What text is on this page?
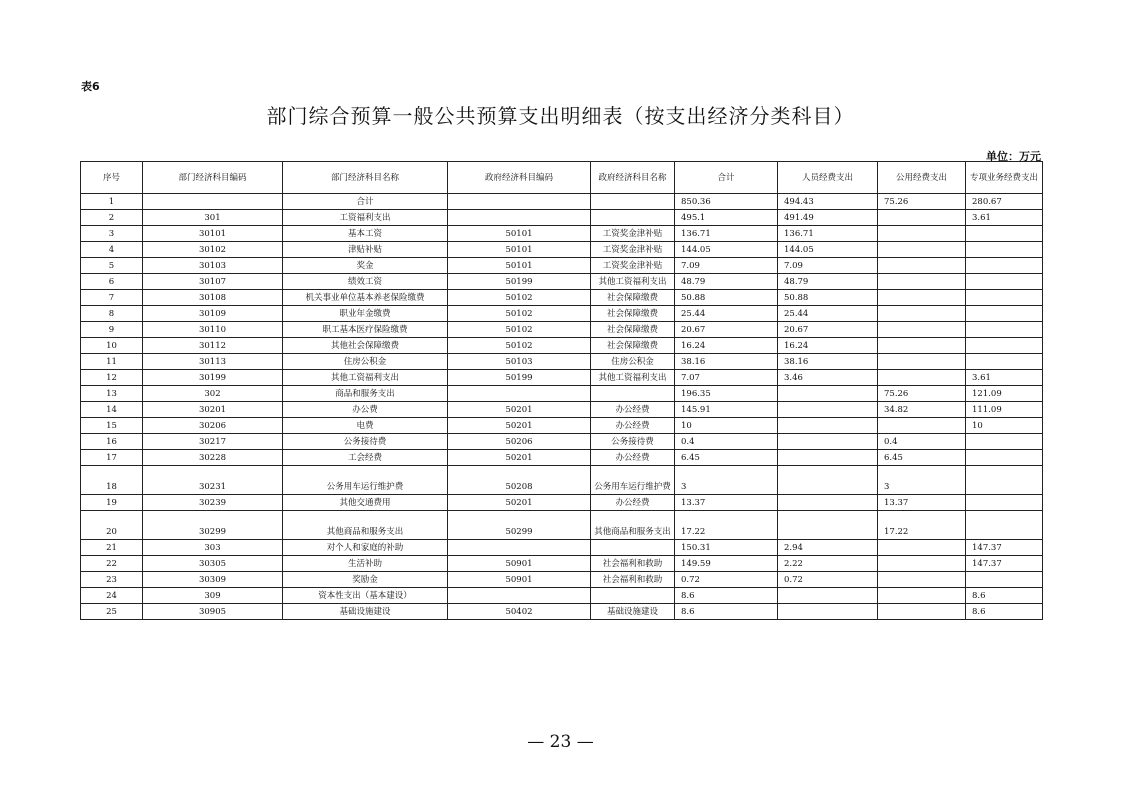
表6
部门综合预算一般公共预算支出明细表（按支出经济分类科目）
单位：万元
序号	部门经济科目编码	部门经济科目名称	政府经济科目编码	政府经济科目名称	合计	人员经费支出	公用经费支出	专项业务经费支出
1		合计			850.36	494.43	75.26	280.67
2	301	工资福利支出			495.1	491.49		3.61
3	30101	基本工资	50101	工资奖金津补贴	136.71	136.71		
4	30102	津贴补贴	50101	工资奖金津补贴	144.05	144.05		
5	30103	奖金	50101	工资奖金津补贴	7.09	7.09		
6	30107	绩效工资	50199	其他工资福利支出	48.79	48.79		
7	30108	机关事业单位基本养老保险缴费	50102	社会保障缴费	50.88	50.88		
8	30109	职业年金缴费	50102	社会保障缴费	25.44	25.44		
9	30110	职工基本医疗保险缴费	50102	社会保障缴费	20.67	20.67		
10	30112	其他社会保障缴费	50102	社会保障缴费	16.24	16.24		
11	30113	住房公积金	50103	住房公积金	38.16	38.16		
12	30199	其他工资福利支出	50199	其他工资福利支出	7.07	3.46		3.61
13	302	商品和服务支出			196.35		75.26	121.09
14	30201	办公费	50201	办公经费	145.91		34.82	111.09
15	30206	电费	50201	办公经费	10			10
16	30217	公务接待费	50206	公务接待费	0.4		0.4	
17	30228	工会经费	50201	办公经费	6.45		6.45	
18	30231	公务用车运行维护费	50208	公务用车运行维护费	3		3	
19	30239	其他交通费用	50201	办公经费	13.37		13.37	
20	30299	其他商品和服务支出	50299	其他商品和服务支出	17.22		17.22	
21	303	对个人和家庭的补助			150.31	2.94		147.37
22	30305	生活补助	50901	社会福利和救助	149.59	2.22		147.37
23	30309	奖励金	50901	社会福利和救助	0.72	0.72		
24	309	资本性支出（基本建设）			8.6			8.6
25	30905	基础设施建设	50402	基础设施建设	8.6			8.6
— 23 —
